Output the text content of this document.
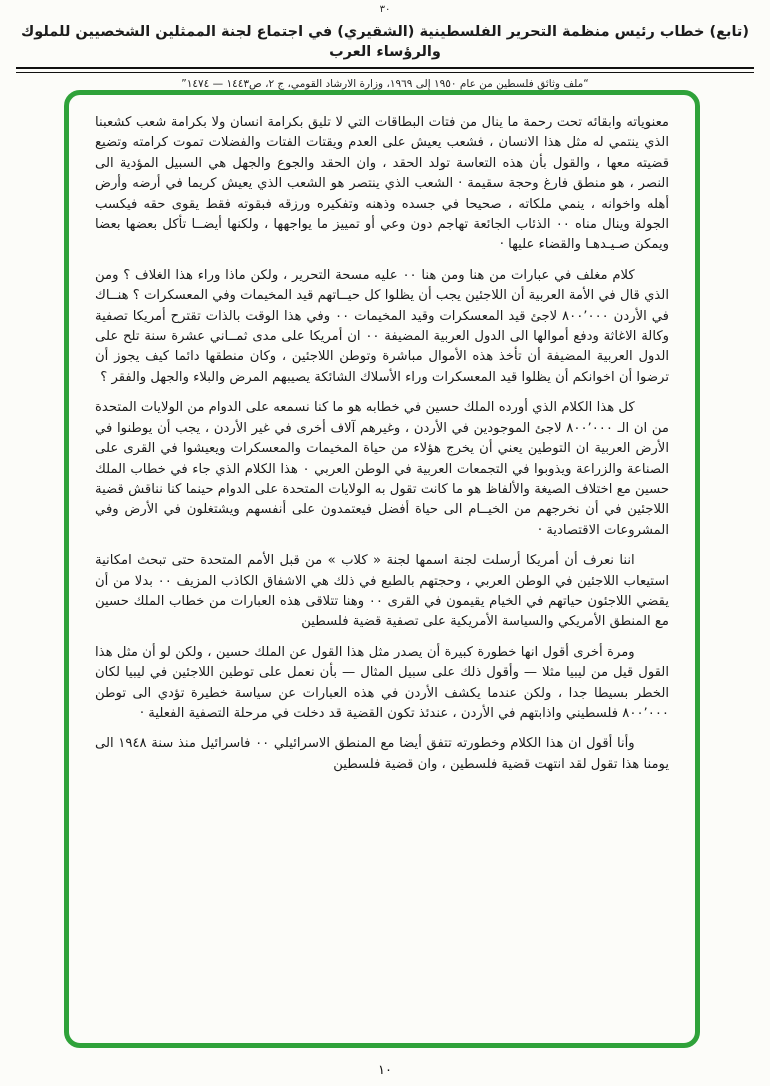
٣٠
(تابع) خطاب رئيس منظمة التحرير الفلسطينية (الشقيري) في اجتماع لجنة الممثلين الشخصيين للملوك والرؤساء العرب
“ملف وثائق فلسطين من عام ١٩٥٠ إلى ١٩٦٩، وزارة الارشاد القومي، ج ٢، ص١٤٤٣ — ١٤٧٤”

معنوياته وابقائه تحت رحمة ما ينال من فتات البطاقات التي لا تليق بكرامة انسان ولا بكرامة شعب كشعبنا الذي ينتمي له مثل هذا الانسان ، فشعب يعيش على العدم ويقتات الفتات والفضلات تموت كرامته وتضيع قضيته معها ، والقول بأن هذه التعاسة تولد الحقد ، وان الحقد والجوع والجهل هي السبيل المؤدية الى النصر ، هو منطق فارغ وحجة سقيمة · الشعب الذي ينتصر هو الشعب الذي يعيش كريما في أرضه وأرض أهله واخوانه ، ينمي ملكاته ، صحيحا في جسده وذهنه وتفكيره ورزقه فبقوته فقط يقوى حقه فيكسب الجولة وينال مناه ٠٠ الذئاب الجائعة تهاجم دون وعي أو تمييز ما يواجهها ، ولكنها أيضــا تأكل بعضها بعضا ويمكن صـيـدهـا والقضاء عليها ·

كلام مغلف في عبارات من هنا ومن هنا ٠٠ عليه مسحة التحرير ، ولكن ماذا وراء هذا الغلاف ؟ ومن الذي قال في الأمة العربية أن اللاجئين يجب أن يظلوا كل حيــاتهم قيد المخيمات وفي المعسكرات ؟ هنــاك في الأردن ٨٠٠٬٠٠٠ لاجئ قيد المعسكرات وقيد المخيمات ٠٠ وفي هذا الوقت بالذات تقترح أمريكا تصفية وكالة الاغاثة ودفع أموالها الى الدول العربية المضيفة ٠٠ ان أمريكا على مدى ثمــاني عشرة سنة تلح على الدول العربية المضيفة أن تأخذ هذه الأموال مباشرة وتوطن اللاجئين ، وكان منطقها دائما كيف يجوز أن ترضوا أن اخوانكم أن يظلوا قيد المعسكرات وراء الأسلاك الشائكة يصيبهم المرض والبلاء والجهل والفقر ؟

كل هذا الكلام الذي أورده الملك حسين في خطابه هو ما كنا نسمعه على الدوام من الولايات المتحدة من ان الـ ٨٠٠٬٠٠٠ لاجئ الموجودين في الأردن ، وغيرهم آلاف أخرى في غير الأردن ، يجب أن يوطنوا في الأرض العربية ان التوطين يعني أن يخرج هؤلاء من حياة المخيمات والمعسكرات ويعيشوا في القرى على الصناعة والزراعة ويذوبوا في التجمعات العربية في الوطن العربي ٠ هذا الكلام الذي جاء في خطاب الملك حسين مع اختلاف الصيغة والألفاظ هو ما كانت تقول به الولايات المتحدة على الدوام حينما كنا نناقش قضية اللاجئين في أن نخرجهم من الخيــام الى حياة أفضل فيعتمدون على أنفسهم ويشتغلون في الأرض وفي المشروعات الاقتصادية ·

اننا نعرف أن أمريكا أرسلت لجنة اسمها لجنة « كلاب » من قبل الأمم المتحدة حتى تبحث امكانية استيعاب اللاجئين في الوطن العربي ، وحجتهم بالطبع في ذلك هي الاشفاق الكاذب المزيف ٠٠ بدلا من أن يقضي اللاجئون حياتهم في الخيام يقيمون في القرى ٠٠ وهنا تتلاقى هذه العبارات من خطاب الملك حسين مع المنطق الأمريكي والسياسة الأمريكية على تصفية قضية فلسطين

ومرة أخرى أقول انها خطورة كبيرة أن يصدر مثل هذا القول عن الملك حسين ، ولكن لو أن مثل هذا القول قيل من ليبيا مثلا — وأقول ذلك على سبيل المثال — بأن نعمل على توطين اللاجئين في ليبيا لكان الخطر بسيطا جدا ، ولكن عندما يكشف الأردن في هذه العبارات عن سياسة خطيرة تؤدي الى توطن ٨٠٠٬٠٠٠ فلسطيني واذابتهم في الأردن ، عندئذ تكون القضية قد دخلت في مرحلة التصفية الفعلية ·

وأنا أقول ان هذا الكلام وخطورته تتفق أيضا مع المنطق الاسرائيلي ٠٠ فاسرائيل منذ سنة ١٩٤٨ الى يومنا هذا تقول لقد انتهت قضية فلسطين ، وان قضية فلسطين

١٠
